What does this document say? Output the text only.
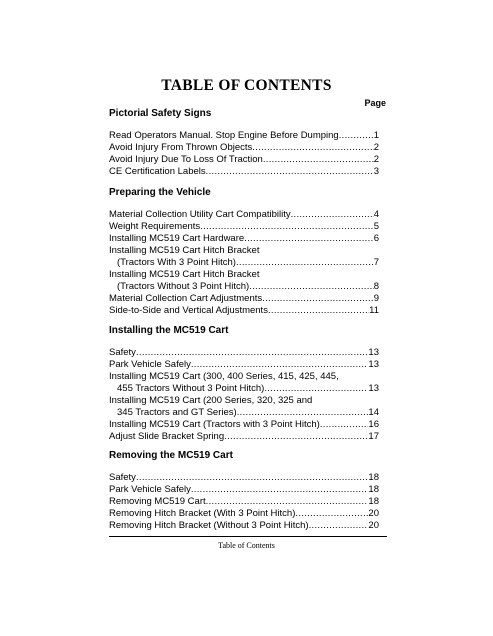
TABLE OF CONTENTS
Page
Pictorial Safety Signs
Read Operators Manual. Stop Engine Before Dumping .....	1
Avoid Injury From Thrown Objects .....	2
Avoid Injury Due To Loss Of Traction .....	2
CE Certification Labels .....	3
Preparing the Vehicle
Material Collection Utility Cart Compatibility .....	4
Weight Requirements .....	5
Installing MC519 Cart Hardware .....	6
Installing MC519 Cart Hitch Bracket
(Tractors With 3 Point Hitch) .....	7
Installing MC519 Cart Hitch Bracket
(Tractors Without 3 Point Hitch) .....	8
Material Collection Cart Adjustments .....	9
Side-to-Side and Vertical Adjustments .....	11
Installing the MC519 Cart
Safety .....	13
Park Vehicle Safely .....	13
Installing MC519 Cart (300, 400 Series, 415, 425, 445,
455 Tractors Without 3 Point Hitch) .....	13
Installing MC519 Cart (200 Series, 320, 325 and
345 Tractors and GT Series) .....	14
Installing MC519 Cart (Tractors with 3 Point Hitch) .....	16
Adjust Slide Bracket Spring .....	17
Removing the MC519 Cart
Safety .....	18
Park Vehicle Safely .....	18
Removing MC519 Cart .....	18
Removing Hitch Bracket (With 3 Point Hitch) .....	20
Removing Hitch Bracket (Without 3 Point Hitch) .....	20
Table of Contents
